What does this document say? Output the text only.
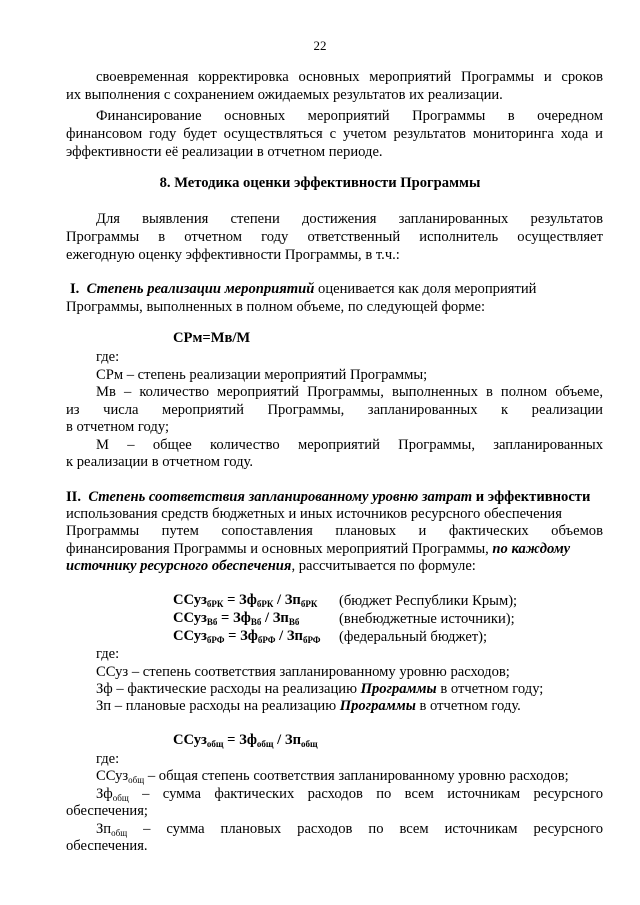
22
своевременная корректировка основных мероприятий Программы и сроков
их выполнения с сохранением ожидаемых результатов их реализации.
Финансирование основных мероприятий Программы в очередном
финансовом году будет осуществляться с учетом результатов мониторинга хода и
эффективности её реализации в отчетном периоде.
8. Методика оценки эффективности Программы
Для выявления степени достижения запланированных результатов
Программы в отчетном году ответственный исполнитель осуществляет
ежегодную оценку эффективности Программы, в т.ч.:
I. Степень реализации мероприятий оценивается как доля мероприятий
Программы, выполненных в полном объеме, по следующей форме:
СРм=Мв/М
где:
СРм – степень реализации мероприятий Программы;
Мв – количество мероприятий Программы, выполненных в полном объеме,
из числа мероприятий Программы, запланированных к реализации
в отчетном году;
М – общее количество мероприятий Программы, запланированных
к реализации в отчетном году.
II. Степень соответствия запланированному уровню затрат и эффективности
использования средств бюджетных и иных источников ресурсного обеспечения
Программы путем сопоставления плановых и фактических объемов
финансирования Программы и основных мероприятий Программы, по каждому
источнику ресурсного обеспечения, рассчитывается по формуле:
ССуз$_{бРК}$ = $Зф_{бРК} / Зп_{бРК}$ (бюджет Республики Крым);
ССуз$_{Вб}$ = $Зф_{Вб} / Зп_{Вб}$	(внебюджетные источники);
ССуз$_{бРФ}$ = $Зф_{бРФ} / Зп_{бРФ}$ (федеральный бюджет);
где:
ССуз – степень соответствия запланированному уровню расходов;
Зф – фактические расходы на реализацию Программы в отчетном году;
Зп – плановые расходы на реализацию Программы в отчетном году.
ССуз$_{общ}$ = $Зф_{общ} / Зп_{общ}$
где:
ССуз$_{общ}$ – общая степень соответствия запланированному уровню расходов;
$Зф_{общ}$ – сумма фактических расходов по всем источникам ресурсного
обеспечения;
$Зп_{общ}$ – сумма плановых расходов по всем источникам ресурсного
обеспечения.
